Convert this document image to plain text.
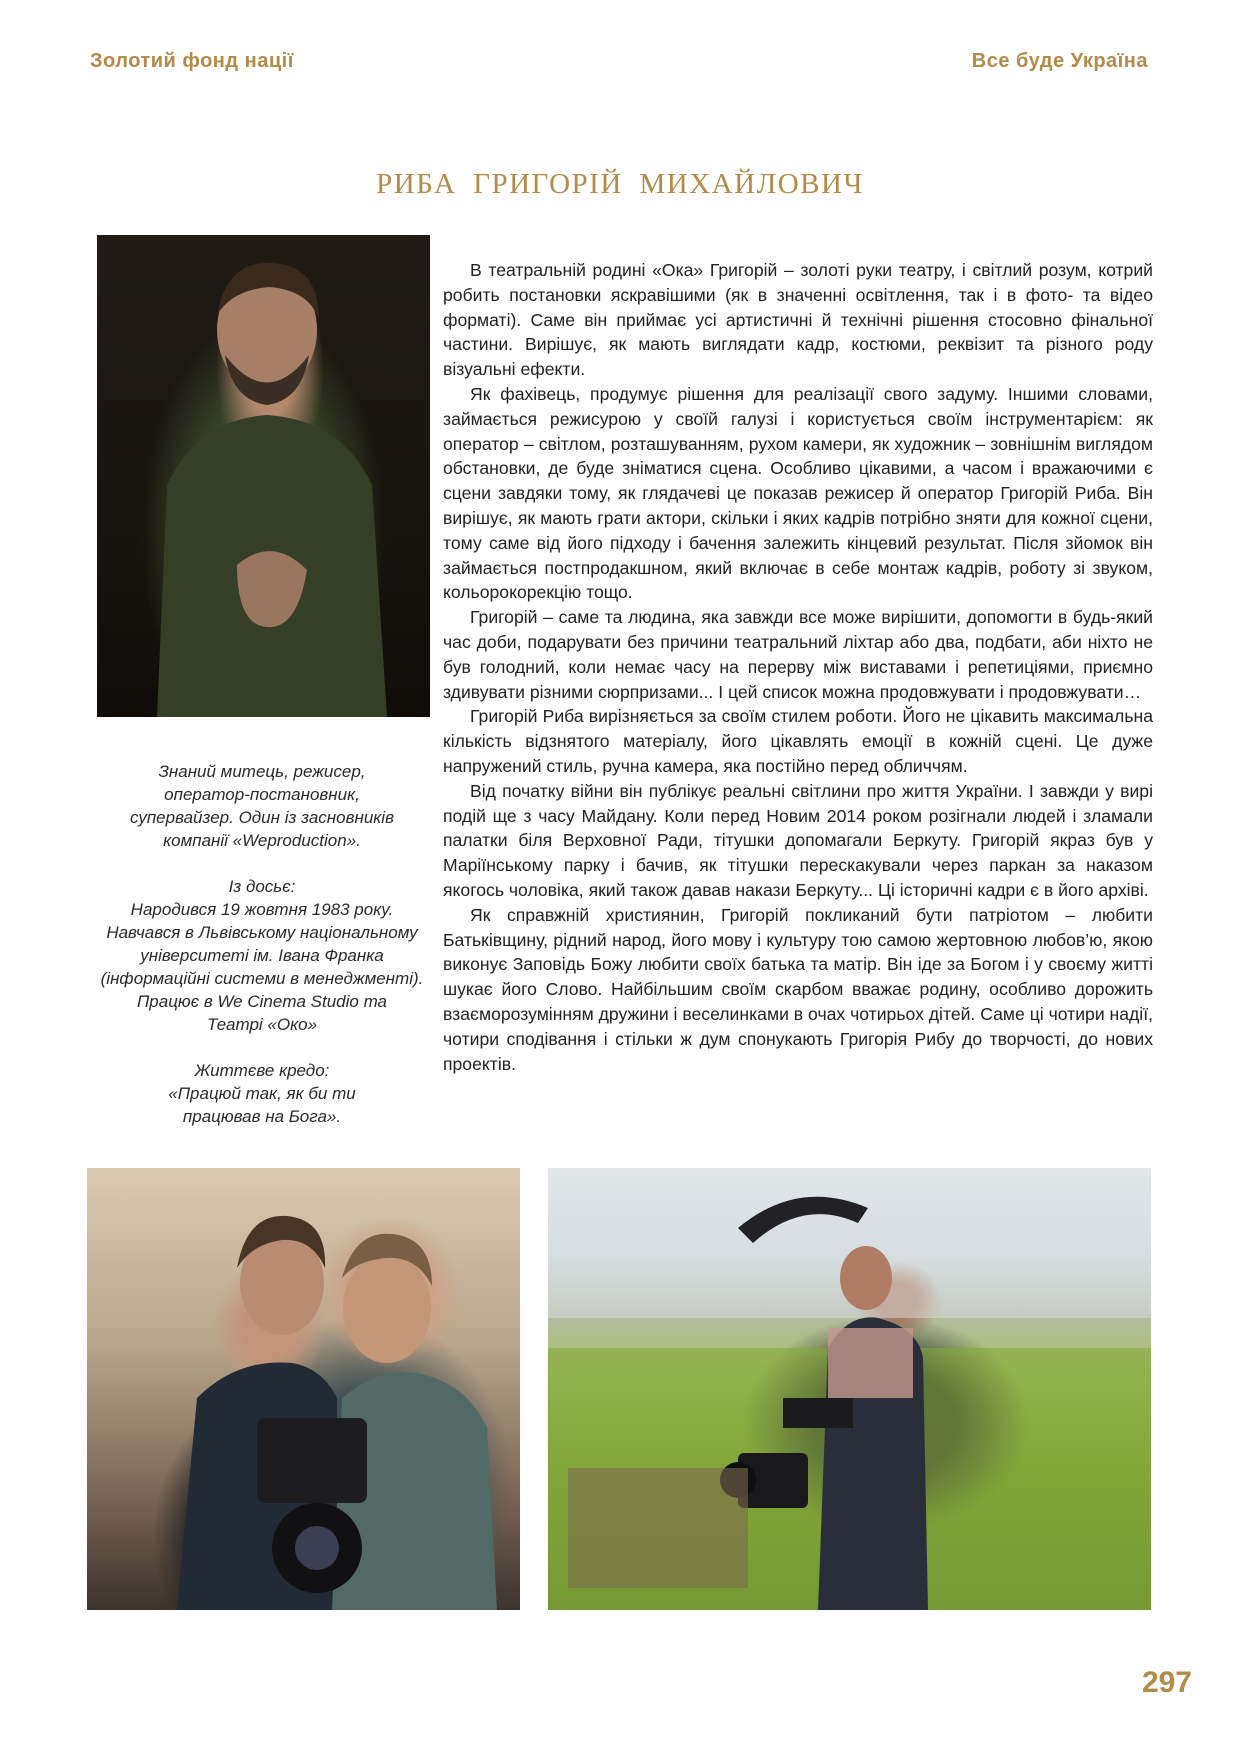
Золотий фонд нації	Все буде Україна
РИБА ГРИГОРІЙ МИХАЙЛОВИЧ

Знаний митець, режисер,

оператор-постановник,

супервайзер. Один із засновників

компанії «Weproduction».

Із досьє:

Народився 19 жовтня 1983 року.

Навчався в Львівському національному

університеті ім. Івана Франка

(інформаційні системи в менеджменті).

Працює в We Cinema Studio та

Театрі «Око»

Життєве кредо:

«Працюй так, як би ти

працював на Бога».

В театральній родині «Ока» Григорій – золоті руки театру, і світлий розум, котрий робить постановки яскравішими (як в значенні освітлення, так і в фото- та відео форматі). Саме він приймає усі артистичні й технічні рішення стосовно фінальної частини. Вирішує, як мають виглядати кадр, костюми, реквізит та різного роду візуальні ефекти.

Як фахівець, продумує рішення для реалізації свого задуму. Іншими словами, займається режисурою у своїй галузі і користується своїм інструментарієм: як оператор – світлом, розташуванням, рухом камери, як художник – зовнішнім виглядом обстановки, де буде зніматися сцена. Особливо цікавими, а часом і вражаючими є сцени завдяки тому, як глядачеві це показав режисер й оператор Григорій Риба. Він вирішує, як мають грати актори, скільки і яких кадрів потрібно зняти для кожної сцени, тому саме від його підходу і бачення залежить кінцевий результат. Після зйомок він займається постпродакшном, який включає в себе монтаж кадрів, роботу зі звуком, кольорокорекцію тощо.

Григорій – саме та людина, яка завжди все може вирішити, допомогти в будь-який час доби, подарувати без причини театральний ліхтар або два, подбати, аби ніхто не був голодний, коли немає часу на перерву між виставами і репетиціями, приємно здивувати різними сюрпризами... І цей список можна продовжувати і продовжувати…

Григорій Риба вирізняється за своїм стилем роботи. Його не цікавить максимальна кількість відзнятого матеріалу, його цікавлять емоції в кожній сцені. Це дуже напружений стиль, ручна камера, яка постійно перед обличчям.

Від початку війни він публікує реальні світлини про життя України. І завжди у вирі подій ще з часу Майдану. Коли перед Новим 2014 роком розігнали людей і зламали палатки біля Верховної Ради, тітушки допомагали Беркуту. Григорій якраз був у Маріїнському парку і бачив, як тітушки перескакували через паркан за наказом якогось чоловіка, який також давав накази Беркуту... Ці історичні кадри є в його архіві.

Як справжній християнин, Григорій покликаний бути патріотом – любити Батьківщину, рідний народ, його мову і культуру тою самою жертовною любов’ю, якою виконує Заповідь Божу любити своїх батька та матір. Він іде за Богом і у своєму житті шукає його Слово. Найбільшим своїм скарбом вважає родину, особливо дорожить взаєморозумінням дружини і веселинками в очах чотирьох дітей. Саме ці чотири надії, чотири сподівання і стільки ж дум спонукають Григорія Рибу до творчості, до нових проектів.

297
